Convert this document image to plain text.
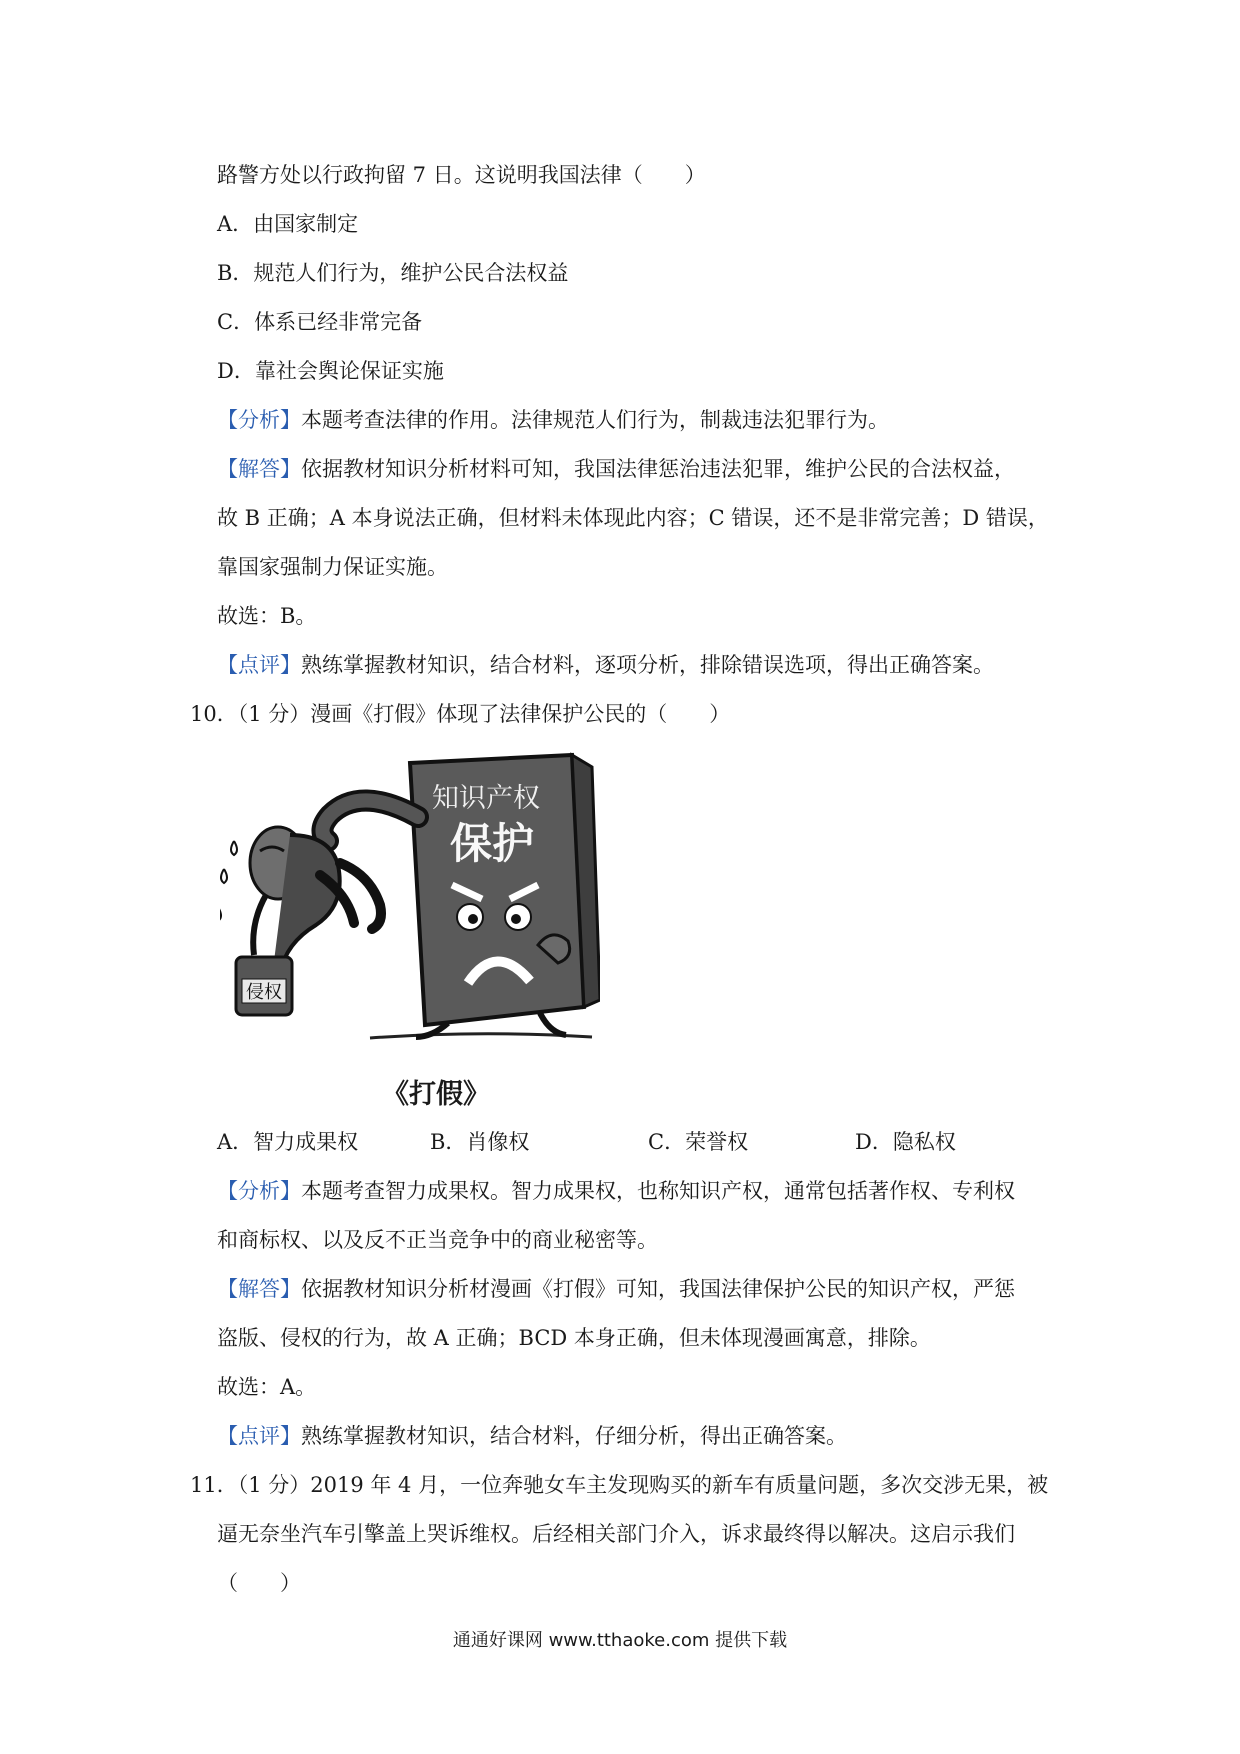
路警方处以行政拘留 7 日。这说明我国法律（　　）
A．由国家制定
B．规范人们行为，维护公民合法权益
C．体系已经非常完备
D．靠社会舆论保证实施
【分析】本题考查法律的作用。法律规范人们行为，制裁违法犯罪行为。
【解答】依据教材知识分析材料可知，我国法律惩治违法犯罪，维护公民的合法权益，
故 B 正确；A 本身说法正确，但材料未体现此内容；C 错误，还不是非常完善；D 错误，
靠国家强制力保证实施。
故选：B。
【点评】熟练掌握教材知识，结合材料，逐项分析，排除错误选项，得出正确答案。
10．（1 分）漫画《打假》体现了法律保护公民的（　　）
知识产权
保护
侵权
《打假》
A．智力成果权	B．肖像权	C．荣誉权	D．隐私权
【分析】本题考查智力成果权。智力成果权，也称知识产权，通常包括著作权、专利权
和商标权、以及反不正当竞争中的商业秘密等。
【解答】依据教材知识分析材漫画《打假》可知，我国法律保护公民的知识产权，严惩
盗版、侵权的行为，故 A 正确；BCD 本身正确，但未体现漫画寓意，排除。
故选：A。
【点评】熟练掌握教材知识，结合材料，仔细分析，得出正确答案。
11．（1 分）2019 年 4 月，一位奔驰女车主发现购买的新车有质量问题，多次交涉无果，被
逼无奈坐汽车引擎盖上哭诉维权。后经相关部门介入，诉求最终得以解决。这启示我们
（　　）
通通好课网 www.tthaoke.com 提供下载
